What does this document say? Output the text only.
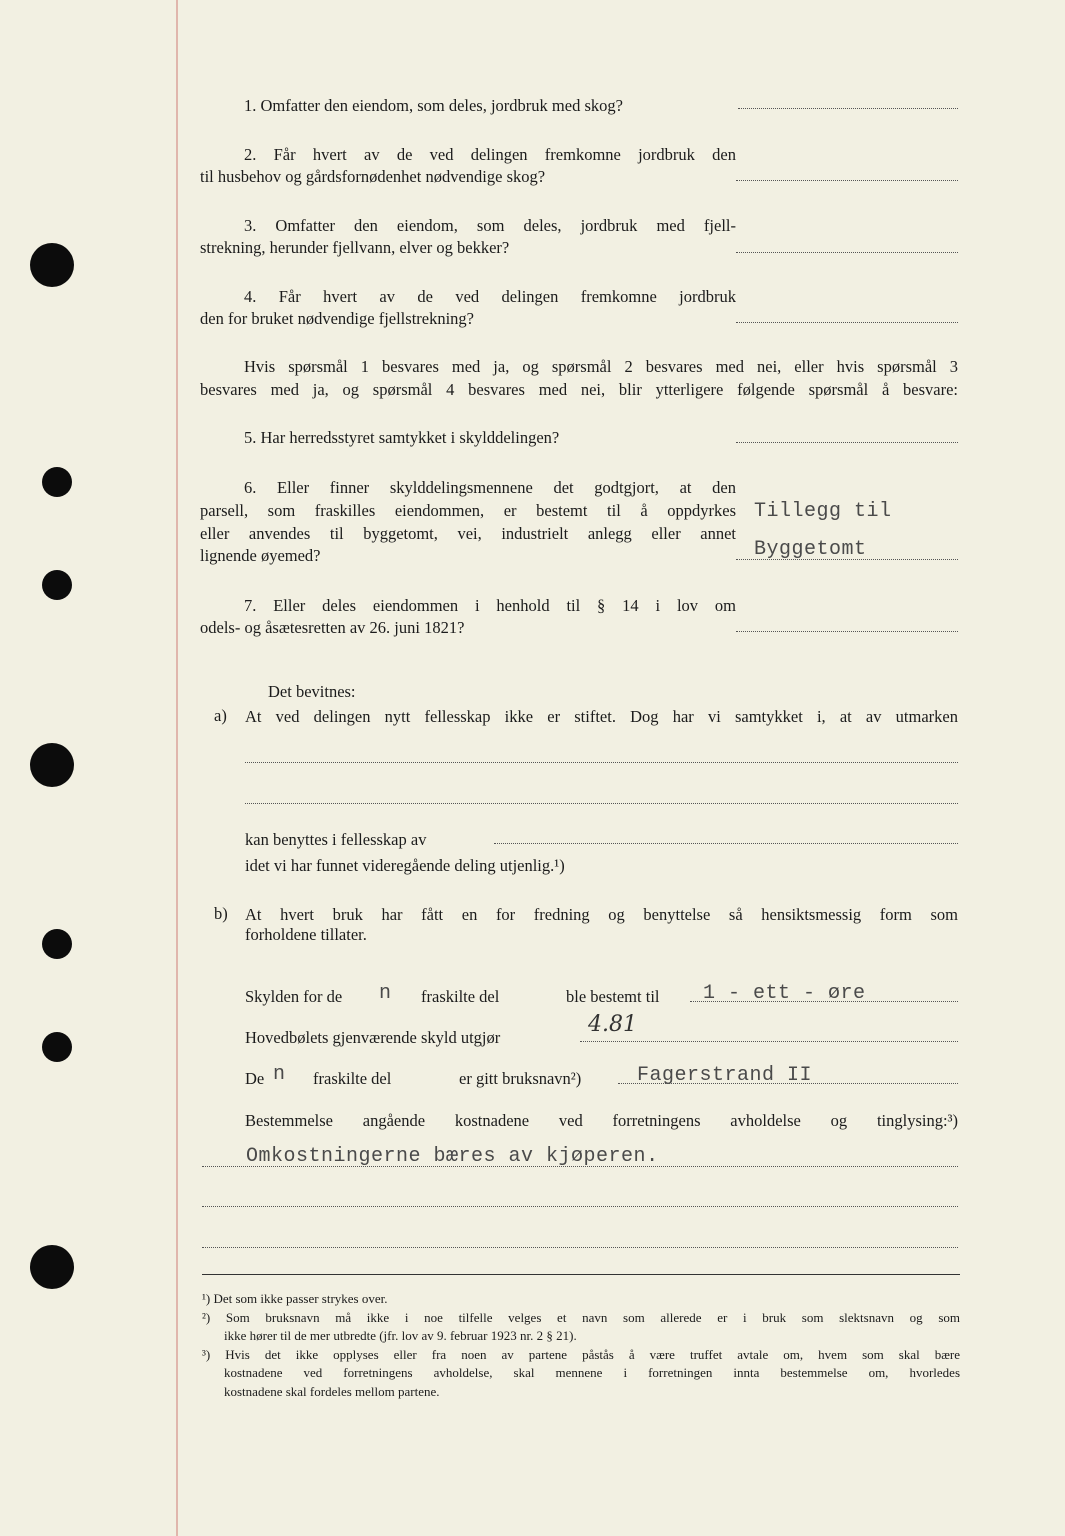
1. Omfatter den eiendom, som deles, jordbruk med skog?
2. Får hvert av de ved delingen fremkomne jordbruk den
til husbehov og gårdsfornødenhet nødvendige skog?
3. Omfatter den eiendom, som deles, jordbruk med fjell-
strekning, herunder fjellvann, elver og bekker?
4. Får hvert av de ved delingen fremkomne jordbruk
den for bruket nødvendige fjellstrekning?
Hvis spørsmål 1 besvares med ja, og spørsmål 2 besvares med nei, eller hvis spørsmål 3
besvares med ja, og spørsmål 4 besvares med nei, blir ytterligere følgende spørsmål å besvare:
5. Har herredsstyret samtykket i skylddelingen?
6. Eller finner skylddelingsmennene det godtgjort, at den
parsell, som fraskilles eiendommen, er bestemt til å oppdyrkes
eller anvendes til byggetomt, vei, industrielt anlegg eller annet
lignende øyemed?
Tillegg til
Byggetomt
7. Eller deles eiendommen i henhold til § 14 i lov om
odels- og åsætesretten av 26. juni 1821?
Det bevitnes:
a) At ved delingen nytt fellesskap ikke er stiftet. Dog har vi samtykket i, at av utmarken
kan benyttes i fellesskap av
idet vi har funnet videregående deling utjenlig.¹)
b) At hvert bruk har fått en for fredning og benyttelse så hensiktsmessig form som
forholdene tillater.
Skylden for de n fraskilte del	ble bestemt til 1 - ett - øre
Hovedbølets gjenværende skyld utgjør
4.81
De n fraskilte del	er gitt bruksnavn²)	Fagerstrand II
Bestemmelse angående kostnadene ved forretningens avholdelse og tinglysing:³)
Omkostningerne bæres av kjøperen.
¹) Det som ikke passer strykes over.
²) Som bruksnavn må ikke i noe tilfelle velges et navn som allerede er i bruk som slektsnavn og som
ikke hører til de mer utbredte (jfr. lov av 9. februar 1923 nr. 2 § 21).
³) Hvis det ikke opplyses eller fra noen av partene påstås å være truffet avtale om, hvem som skal bære
kostnadene ved forretningens avholdelse, skal mennene i forretningen innta bestemmelse om, hvorledes
kostnadene skal fordeles mellom partene.
